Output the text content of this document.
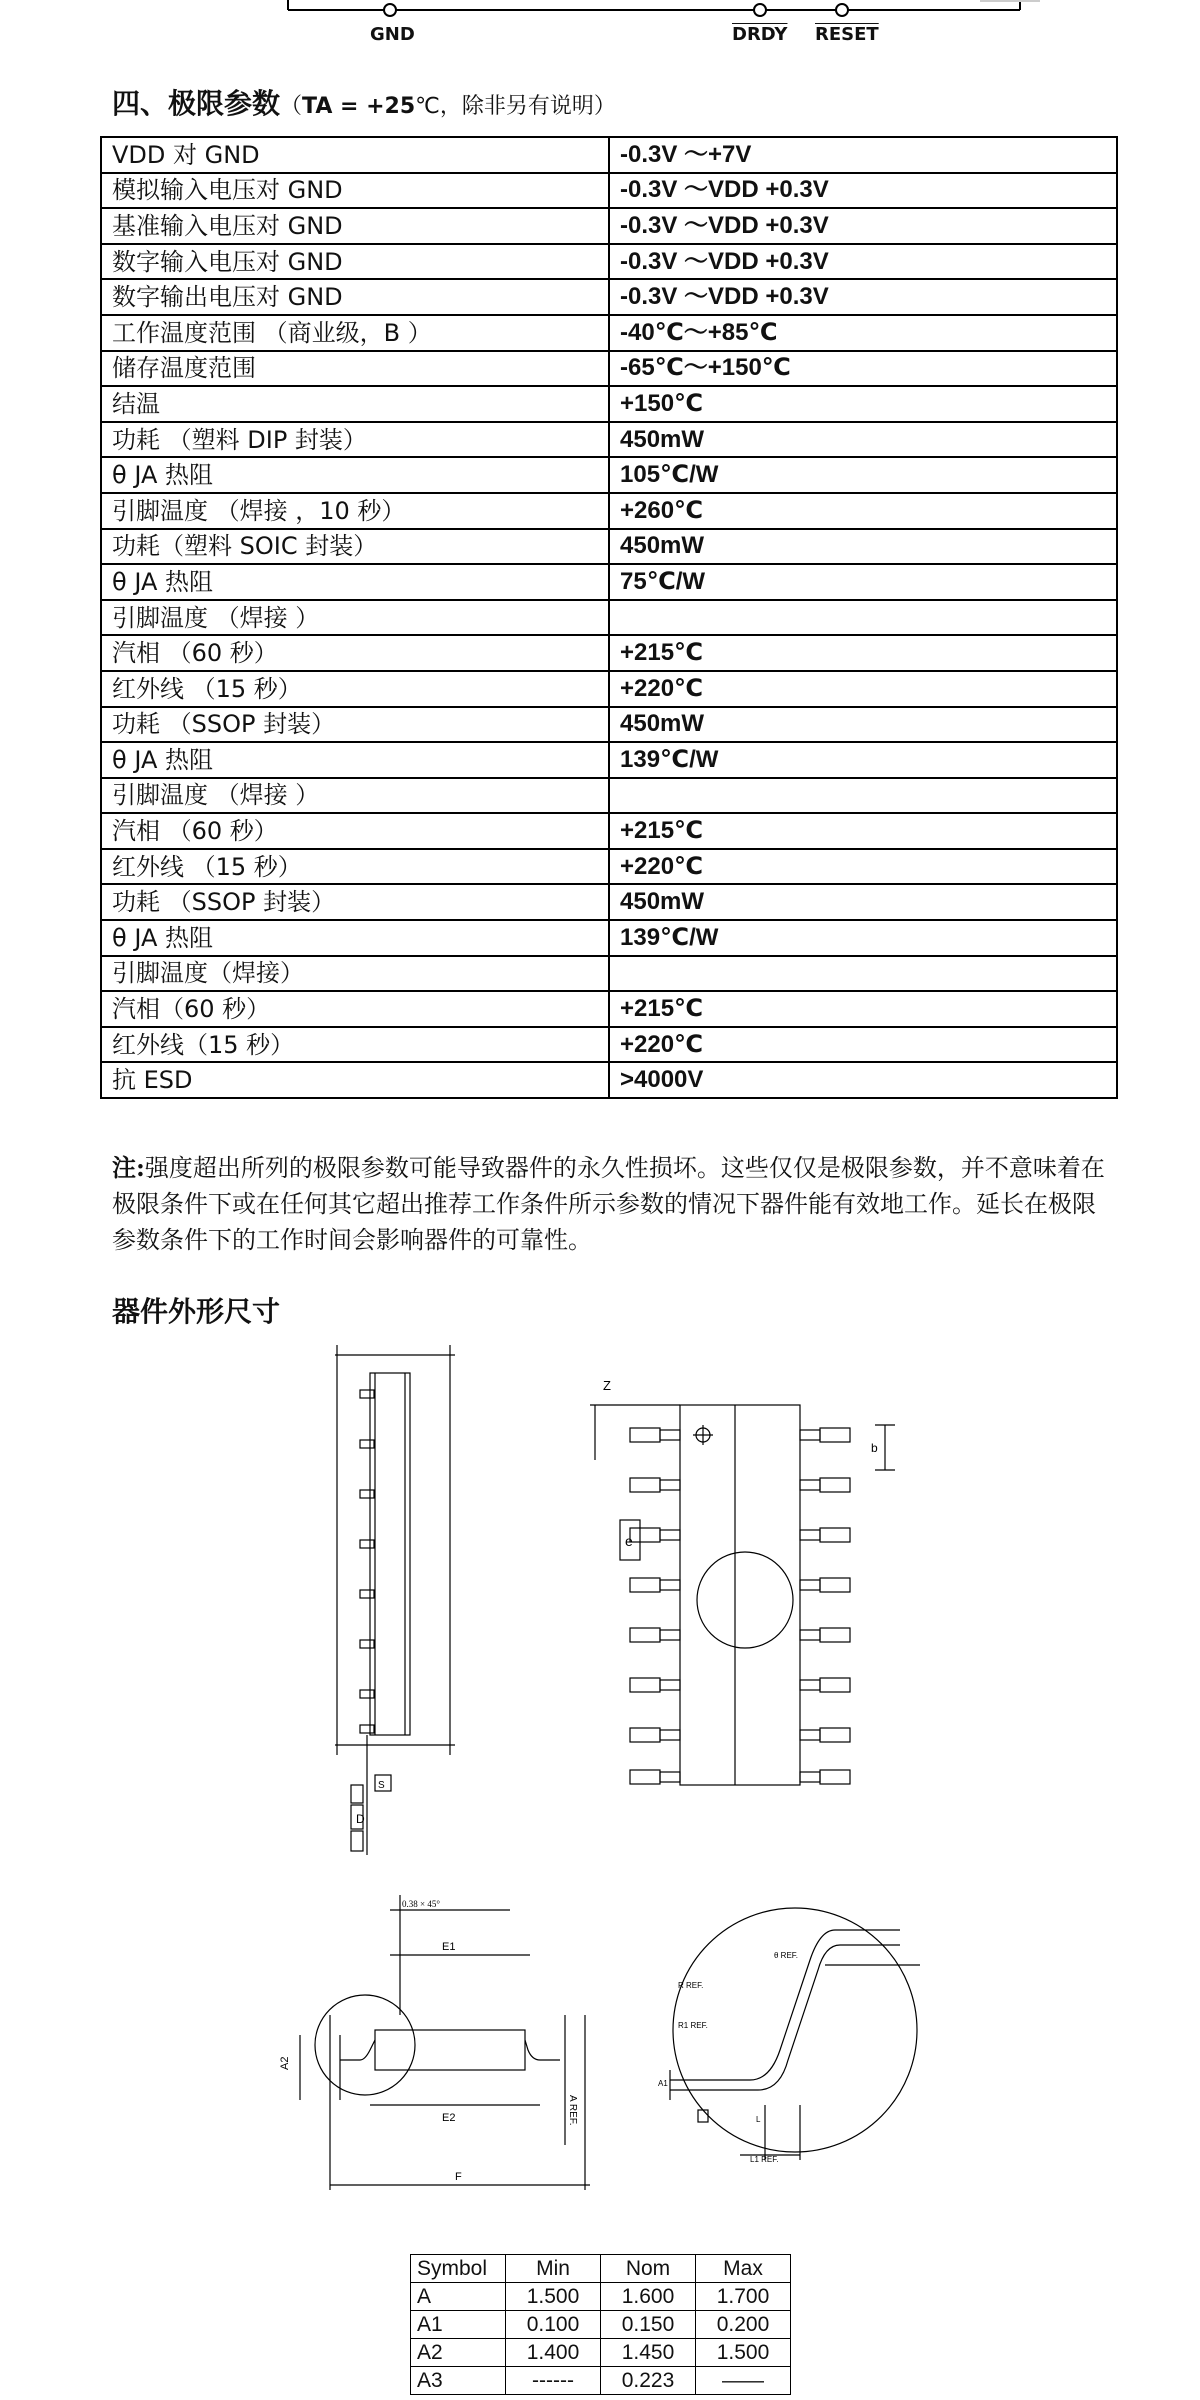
GND	DRDY RESET
四、极限参数（TA = +25℃，除非另有说明）
VDD 对 GND	-0.3V ～+7V
模拟输入电压对 GND	-0.3V ～VDD +0.3V
基准输入电压对 GND	-0.3V ～VDD +0.3V
数字输入电压对 GND	-0.3V ～VDD +0.3V
数字输出电压对 GND	-0.3V ～VDD +0.3V
工作温度范围 （商业级，B ）	-40℃～+85℃
储存温度范围	-65℃～+150℃
结温	+150℃
功耗 （塑料 DIP 封装）	450mW
θ JA 热阻	105℃/W
引脚温度 （焊接 ，10 秒）	+260℃
功耗（塑料 SOIC 封装）	450mW
θ JA 热阻	75℃/W
引脚温度 （焊接 ）	
汽相 （60 秒）	+215℃
红外线 （15 秒）	+220℃
功耗 （SSOP 封装）	450mW
θ JA 热阻	139℃/W
引脚温度 （焊接 ）	
汽相 （60 秒）	+215℃
红外线 （15 秒）	+220℃
功耗 （SSOP 封装）	450mW
θ JA 热阻	139℃/W
引脚温度（焊接）	
汽相（60 秒）	+215℃
红外线（15 秒）	+220℃
抗 ESD	>4000V
注:强度超出所列的极限参数可能导致器件的永久性损坏。这些仅仅是极限参数，并不意味着在极限条件下或在任何其它超出推荐工作条件所示参数的情况下器件能有效地工作。延长在极限参数条件下的工作时间会影响器件的可靠性。
器件外形尺寸
D
S
Z
e
b
0.38 × 45°
E1
E2
A2
F
A REF.
R REF.
R1 REF.
θ REF.
L
L1 REF.
A1
Symbol	Min	Nom	Max
A	1.500	1.600	1.700
A1	0.100	0.150	0.200
A2	1.400	1.450	1.500
A3	------	0.223	——
